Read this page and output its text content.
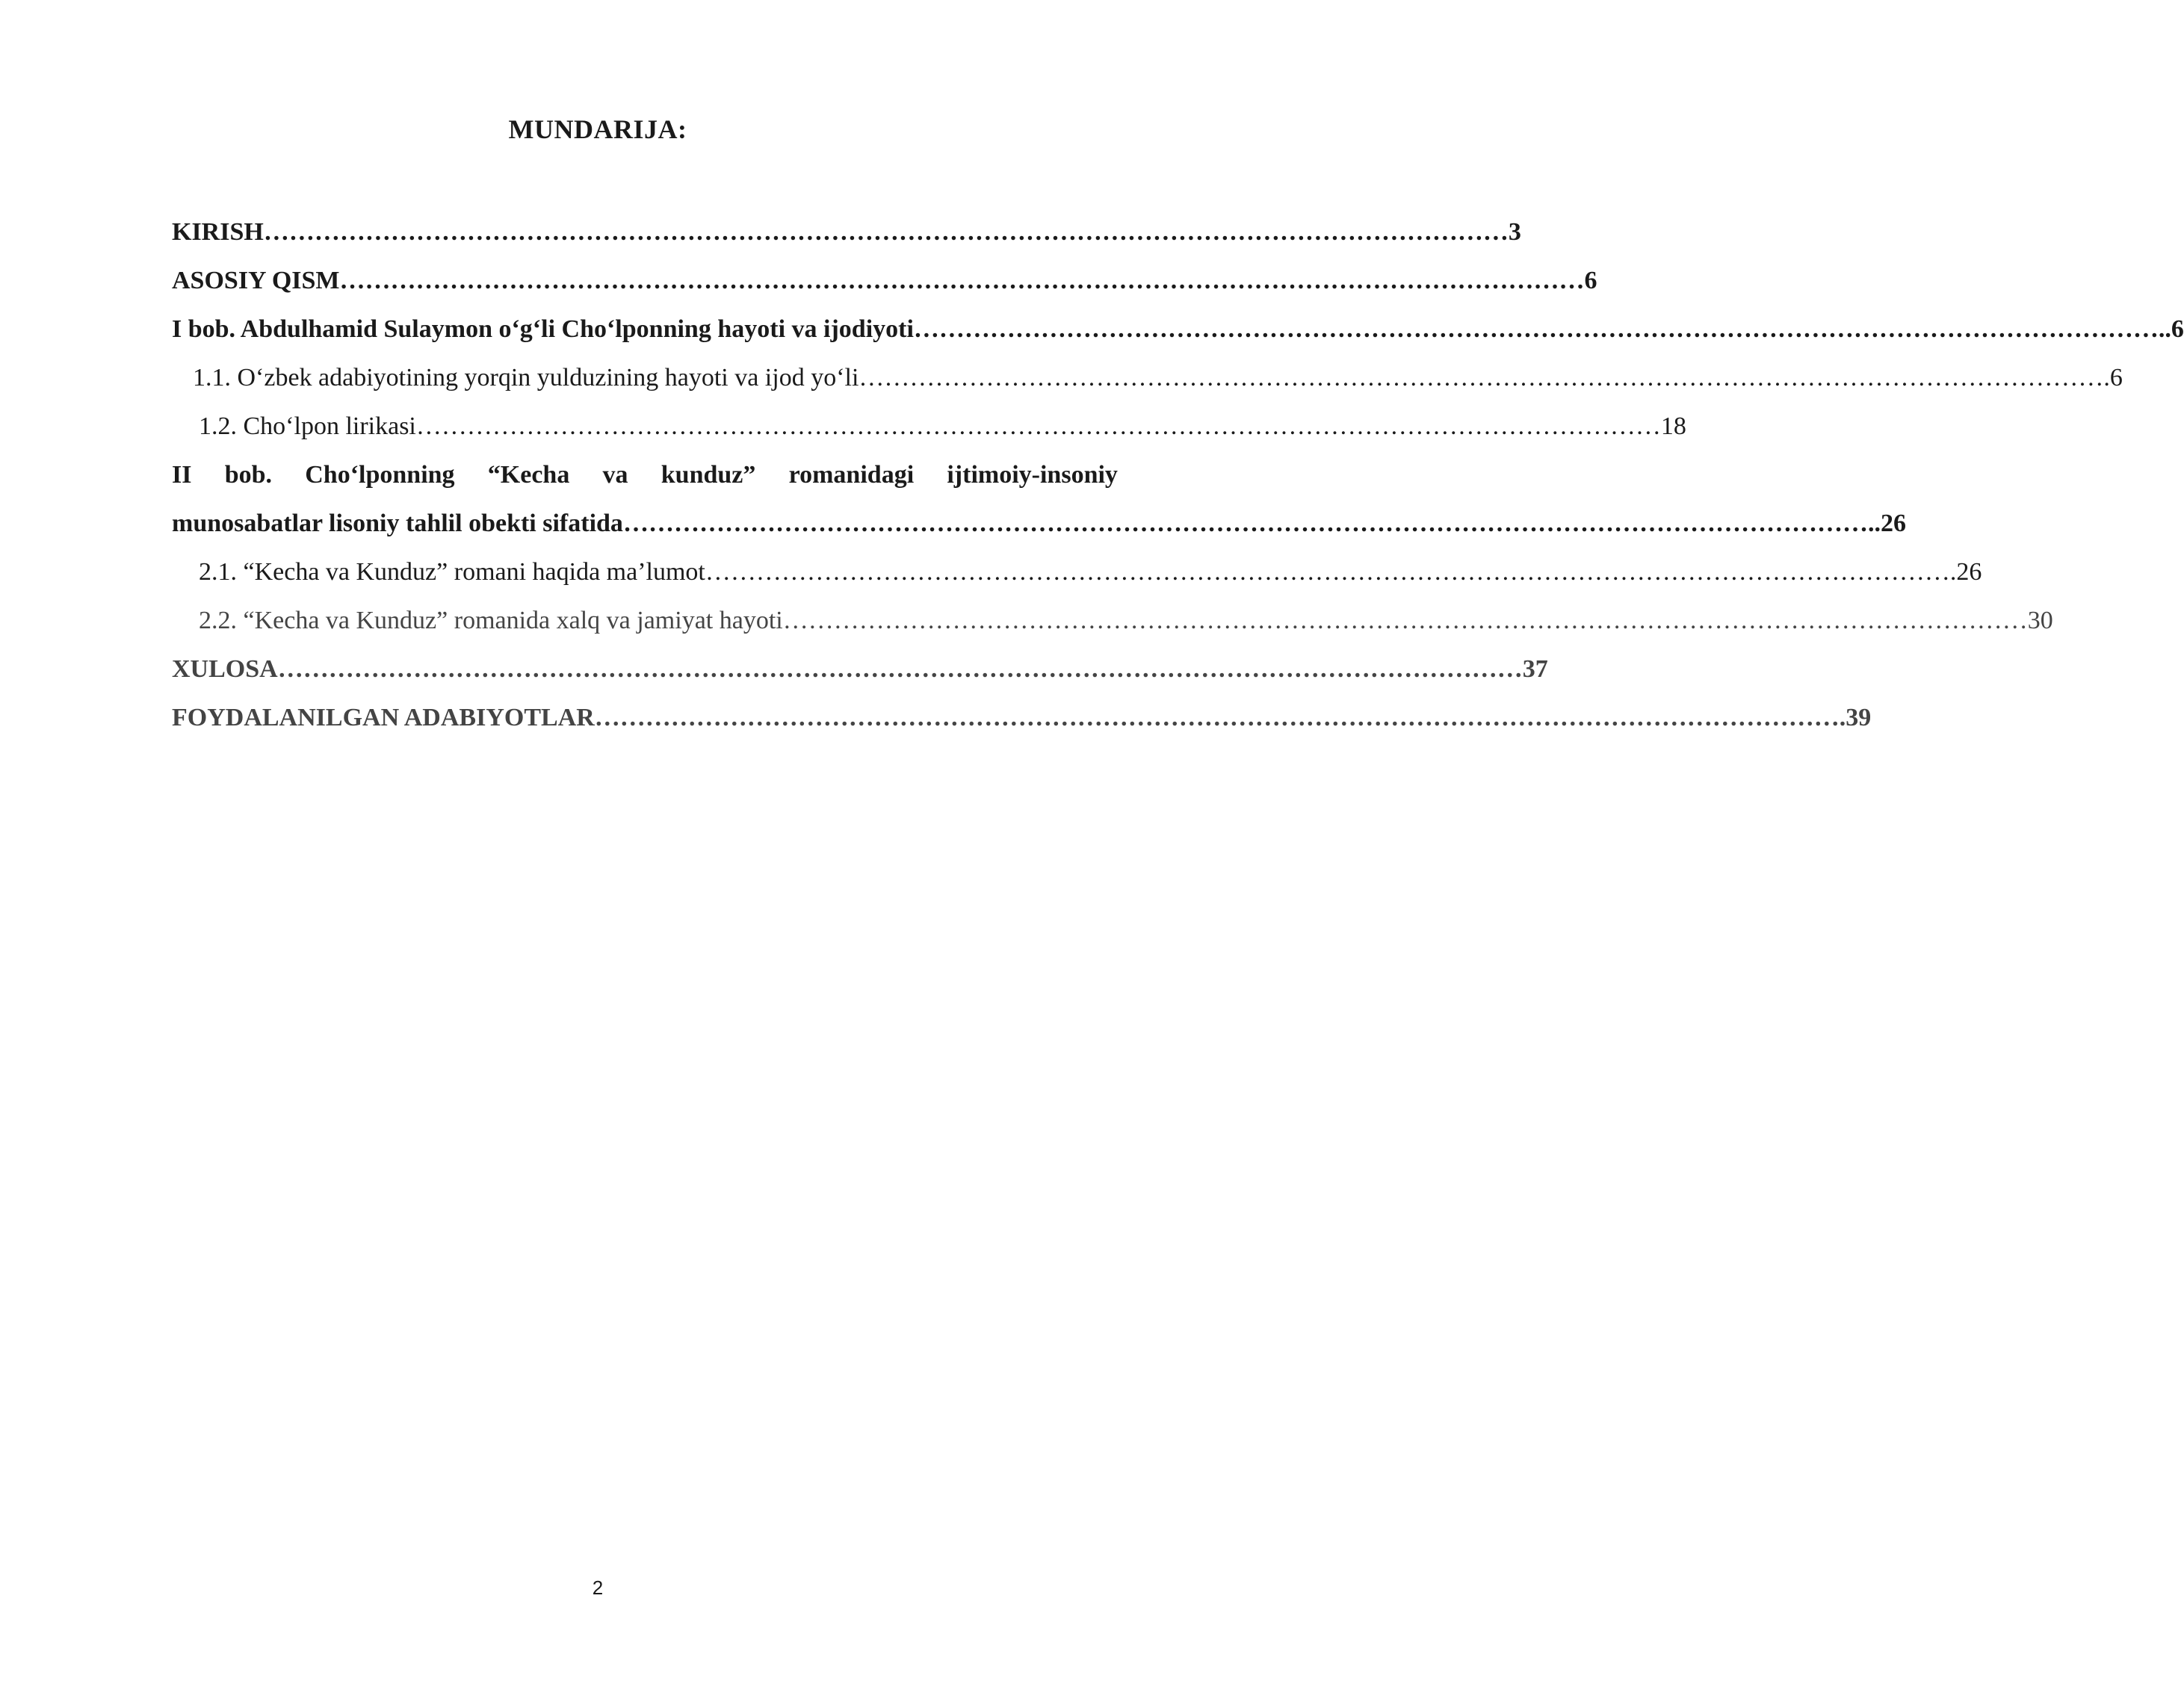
MUNDARIJA:
KIRISH ………………………………………………………………………………………………………………………………… 3
ASOSIY QISM ………………………………………………………………………………………………………………………………… 6
I bob. Abdulhamid Sulaymon o‘g‘li Cho‘lponning hayoti va ijodiyoti ………………………………………………………………………………………………………………………………… ..6
1.1. O‘zbek adabiyotining yorqin yulduzining hayoti va ijod yo‘li ………………………………………………………………………………………………………………………………… .6
1.2. Cho‘lpon lirikasi ………………………………………………………………………………………………………………………………… 18
II bob. Cho‘lponning “Kecha va kunduz” romanidagi ijtimoiy-insoniy
munosabatlar lisoniy tahlil obekti sifatida ………………………………………………………………………………………………………………………………… ..26
2.1. “Kecha va Kunduz” romani haqida ma’lumot ………………………………………………………………………………………………………………………………… .26
2.2. “Kecha va Kunduz” romanida xalq va jamiyat hayoti ………………………………………………………………………………………………………………………………… 30
XULOSA ………………………………………………………………………………………………………………………………… 37
FOYDALANILGAN ADABIYOTLAR ………………………………………………………………………………………………………………………………… .39
2
